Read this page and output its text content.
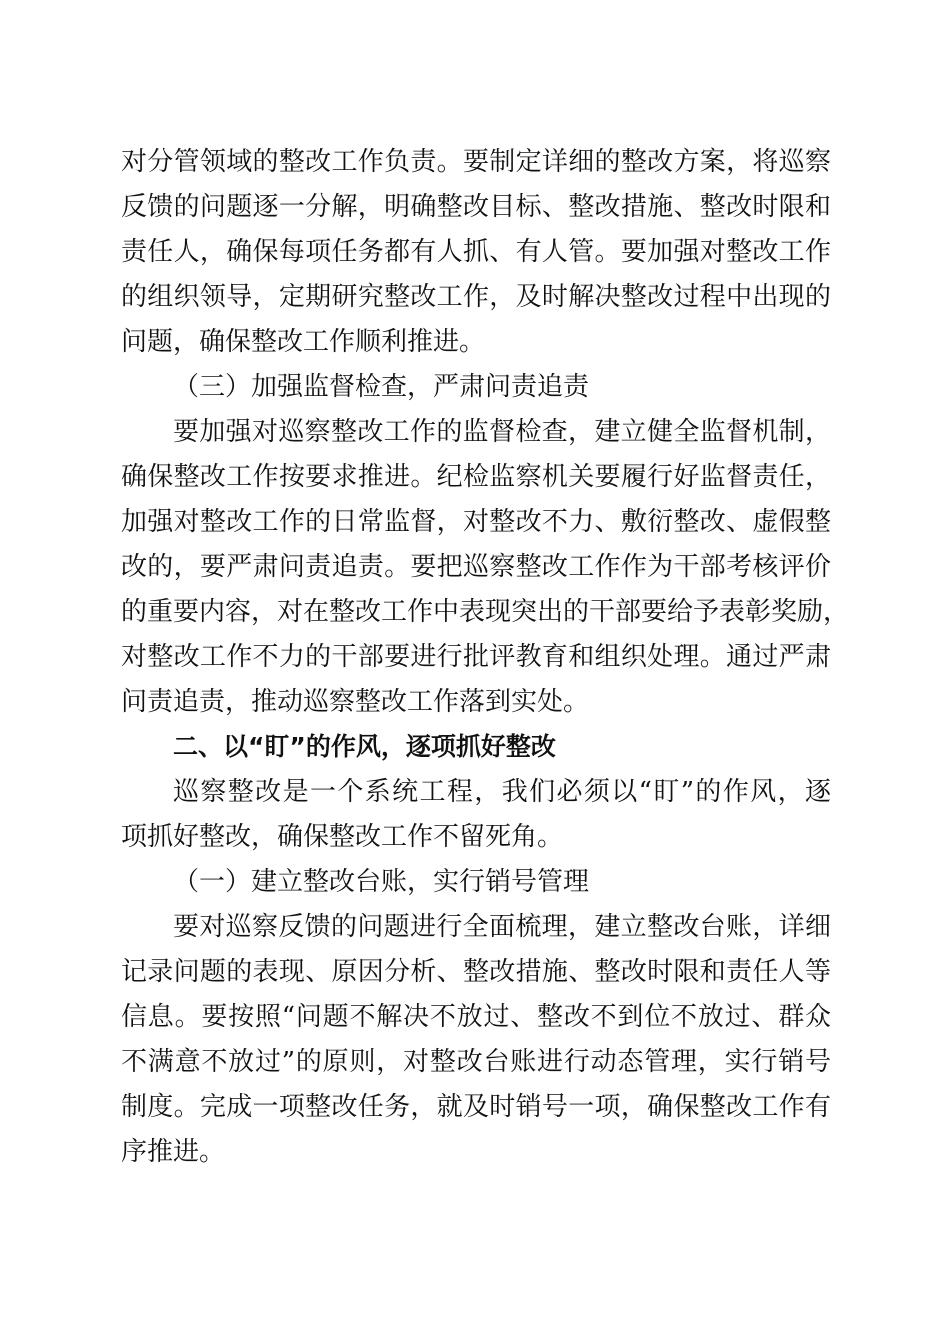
对分管领域的整改工作负责。要制定详细的整改方案，将巡察
反馈的问题逐一分解，明确整改目标、整改措施、整改时限和
责任人，确保每项任务都有人抓、有人管。要加强对整改工作
的组织领导，定期研究整改工作，及时解决整改过程中出现的
问题，确保整改工作顺利推进。
（三）加强监督检查，严肃问责追责
要加强对巡察整改工作的监督检查，建立健全监督机制，
确保整改工作按要求推进。纪检监察机关要履行好监督责任，
加强对整改工作的日常监督，对整改不力、敷衍整改、虚假整
改的，要严肃问责追责。要把巡察整改工作作为干部考核评价
的重要内容，对在整改工作中表现突出的干部要给予表彰奖励，
对整改工作不力的干部要进行批评教育和组织处理。通过严肃
问责追责，推动巡察整改工作落到实处。
二、以“盯”的作风，逐项抓好整改
巡察整改是一个系统工程，我们必须以“盯”的作风，逐
项抓好整改，确保整改工作不留死角。
（一）建立整改台账，实行销号管理
要对巡察反馈的问题进行全面梳理，建立整改台账，详细
记录问题的表现、原因分析、整改措施、整改时限和责任人等
信息。要按照“问题不解决不放过、整改不到位不放过、群众
不满意不放过”的原则，对整改台账进行动态管理，实行销号
制度。完成一项整改任务，就及时销号一项，确保整改工作有
序推进。
